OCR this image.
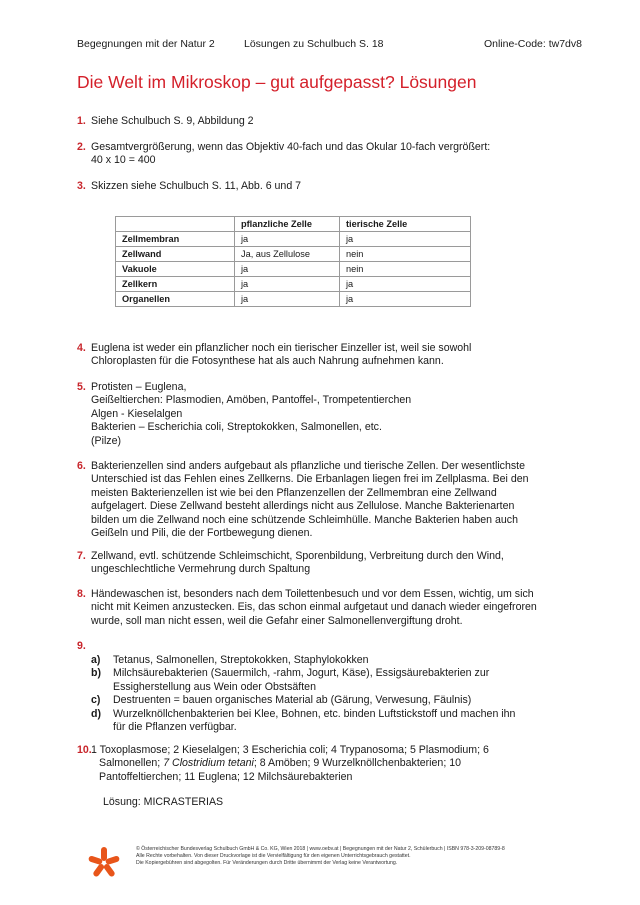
Begegnungen mit der Natur 2	Lösungen zu Schulbuch S. 18	Online-Code: tw7dv8
Die Welt im Mikroskop – gut aufgepasst? Lösungen
1. Siehe Schulbuch S. 9, Abbildung 2
2. Gesamtvergrößerung, wenn das Objektiv 40-fach und das Okular 10-fach vergrößert:
40 x 10 = 400
3. Skizzen siehe Schulbuch S. 11, Abb. 6 und 7
	pflanzliche Zelle	tierische Zelle
Zellmembran	ja	ja
Zellwand	Ja, aus Zellulose	nein
Vakuole	ja	nein
Zellkern	ja	ja
Organellen	ja	ja
4. Euglena ist weder ein pflanzlicher noch ein tierischer Einzeller ist, weil sie sowohl
Chloroplasten für die Fotosynthese hat als auch Nahrung aufnehmen kann.
5. Protisten – Euglena,
Geißeltierchen: Plasmodien, Amöben, Pantoffel-, Trompetentierchen
Algen - Kieselalgen
Bakterien – Escherichia coli, Streptokokken, Salmonellen, etc.
(Pilze)
6. Bakterienzellen sind anders aufgebaut als pflanzliche und tierische Zellen. Der wesentlichste
Unterschied ist das Fehlen eines Zellkerns. Die Erbanlagen liegen frei im Zellplasma. Bei den
meisten Bakterienzellen ist wie bei den Pflanzenzellen der Zellmembran eine Zellwand
aufgelagert. Diese Zellwand besteht allerdings nicht aus Zellulose. Manche Bakterienarten
bilden um die Zellwand noch eine schützende Schleimhülle. Manche Bakterien haben auch
Geißeln und Pili, die der Fortbewegung dienen.
7. Zellwand, evtl. schützende Schleimschicht, Sporenbildung, Verbreitung durch den Wind,
ungeschlechtliche Vermehrung durch Spaltung
8. Händewaschen ist, besonders nach dem Toilettenbesuch und vor dem Essen, wichtig, um sich
nicht mit Keimen anzustecken. Eis, das schon einmal aufgetaut und danach wieder eingefroren
wurde, soll man nicht essen, weil die Gefahr einer Salmonellenvergiftung droht.
9.
a) Tetanus, Salmonellen, Streptokokken, Staphylokokken
b) Milchsäurebakterien (Sauermilch, -rahm, Jogurt, Käse), Essigsäurebakterien zur
Essigherstellung aus Wein oder Obstsäften
c) Destruenten = bauen organisches Material ab (Gärung, Verwesung, Fäulnis)
d) Wurzelknöllchenbakterien bei Klee, Bohnen, etc. binden Luftstickstoff und machen ihn
für die Pflanzen verfügbar.
10. 1 Toxoplasmose; 2 Kieselalgen; 3 Escherichia coli; 4 Trypanosoma; 5 Plasmodium; 6
Salmonellen; 7 Clostridium tetani; 8 Amöben; 9 Wurzelknöllchenbakterien; 10
Pantoffeltierchen; 11 Euglena; 12 Milchsäurebakterien
Lösung: MICRASTERIAS
© Österreichischer Bundesverlag Schulbuch GmbH & Co. KG, Wien 2018 | www.oebv.at | Begegnungen mit der Natur 2, Schülerbuch | ISBN 978-3-209-08789-8
Alle Rechte vorbehalten. Von dieser Druckvorlage ist die Vervielfältigung für den eigenen Unterrichtsgebrauch gestattet.
Die Kopiergebühren sind abgegolten. Für Veränderungen durch Dritte übernimmt der Verlag keine Verantwortung.
